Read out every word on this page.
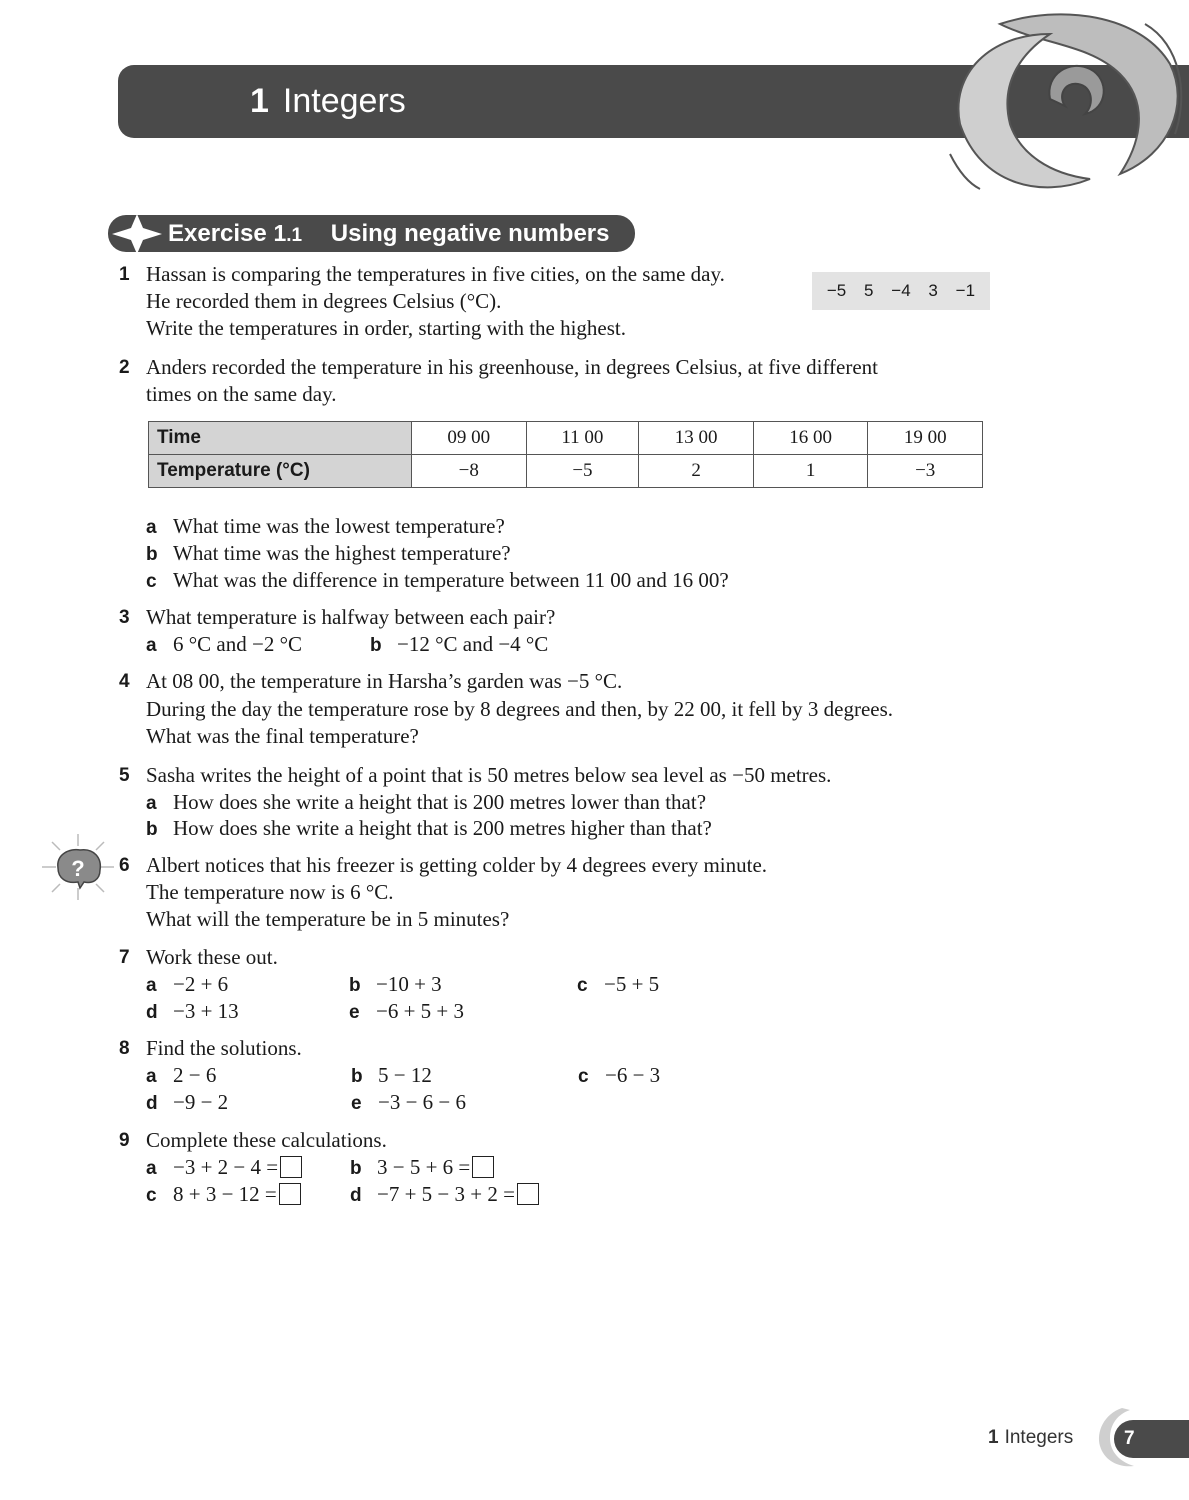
1 Integers
Exercise 1.1 Using negative numbers
1 Hassan is comparing the temperatures in five cities, on the same day.
He recorded them in degrees Celsius (°C).
Write the temperatures in order, starting with the highest.
−5 5 −4 3 −1
2 Anders recorded the temperature in his greenhouse, in degrees Celsius, at five different
times on the same day.
Time	09 00	11 00	13 00	16 00	19 00
Temperature (°C)	−8	−5	2	1	−3
a What time was the lowest temperature?
b What time was the highest temperature?
c What was the difference in temperature between 11 00 and 16 00?
3 What temperature is halfway between each pair?
a 6 °C and −2 °C	b −12 °C and −4 °C
4 At 08 00, the temperature in Harsha’s garden was −5 °C.
During the day the temperature rose by 8 degrees and then, by 22 00, it fell by 3 degrees.
What was the final temperature?
5 Sasha writes the height of a point that is 50 metres below sea level as −50 metres.
a How does she write a height that is 200 metres lower than that?
b How does she write a height that is 200 metres higher than that?
? 6 Albert notices that his freezer is getting colder by 4 degrees every minute.
The temperature now is 6 °C.
What will the temperature be in 5 minutes?
7 Work these out.
a −2 + 6	b −10 + 3	c −5 + 5
d −3 + 13	e −6 + 5 + 3
8 Find the solutions.
a 2 − 6	b 5 − 12	c −6 − 3
d −9 − 2	e −3 − 6 − 6
9 Complete these calculations.
a −3 + 2 − 4 =	b 3 − 5 + 6 =
c 8 + 3 − 12 =	d −7 + 5 − 3 + 2 =
1 Integers	7
